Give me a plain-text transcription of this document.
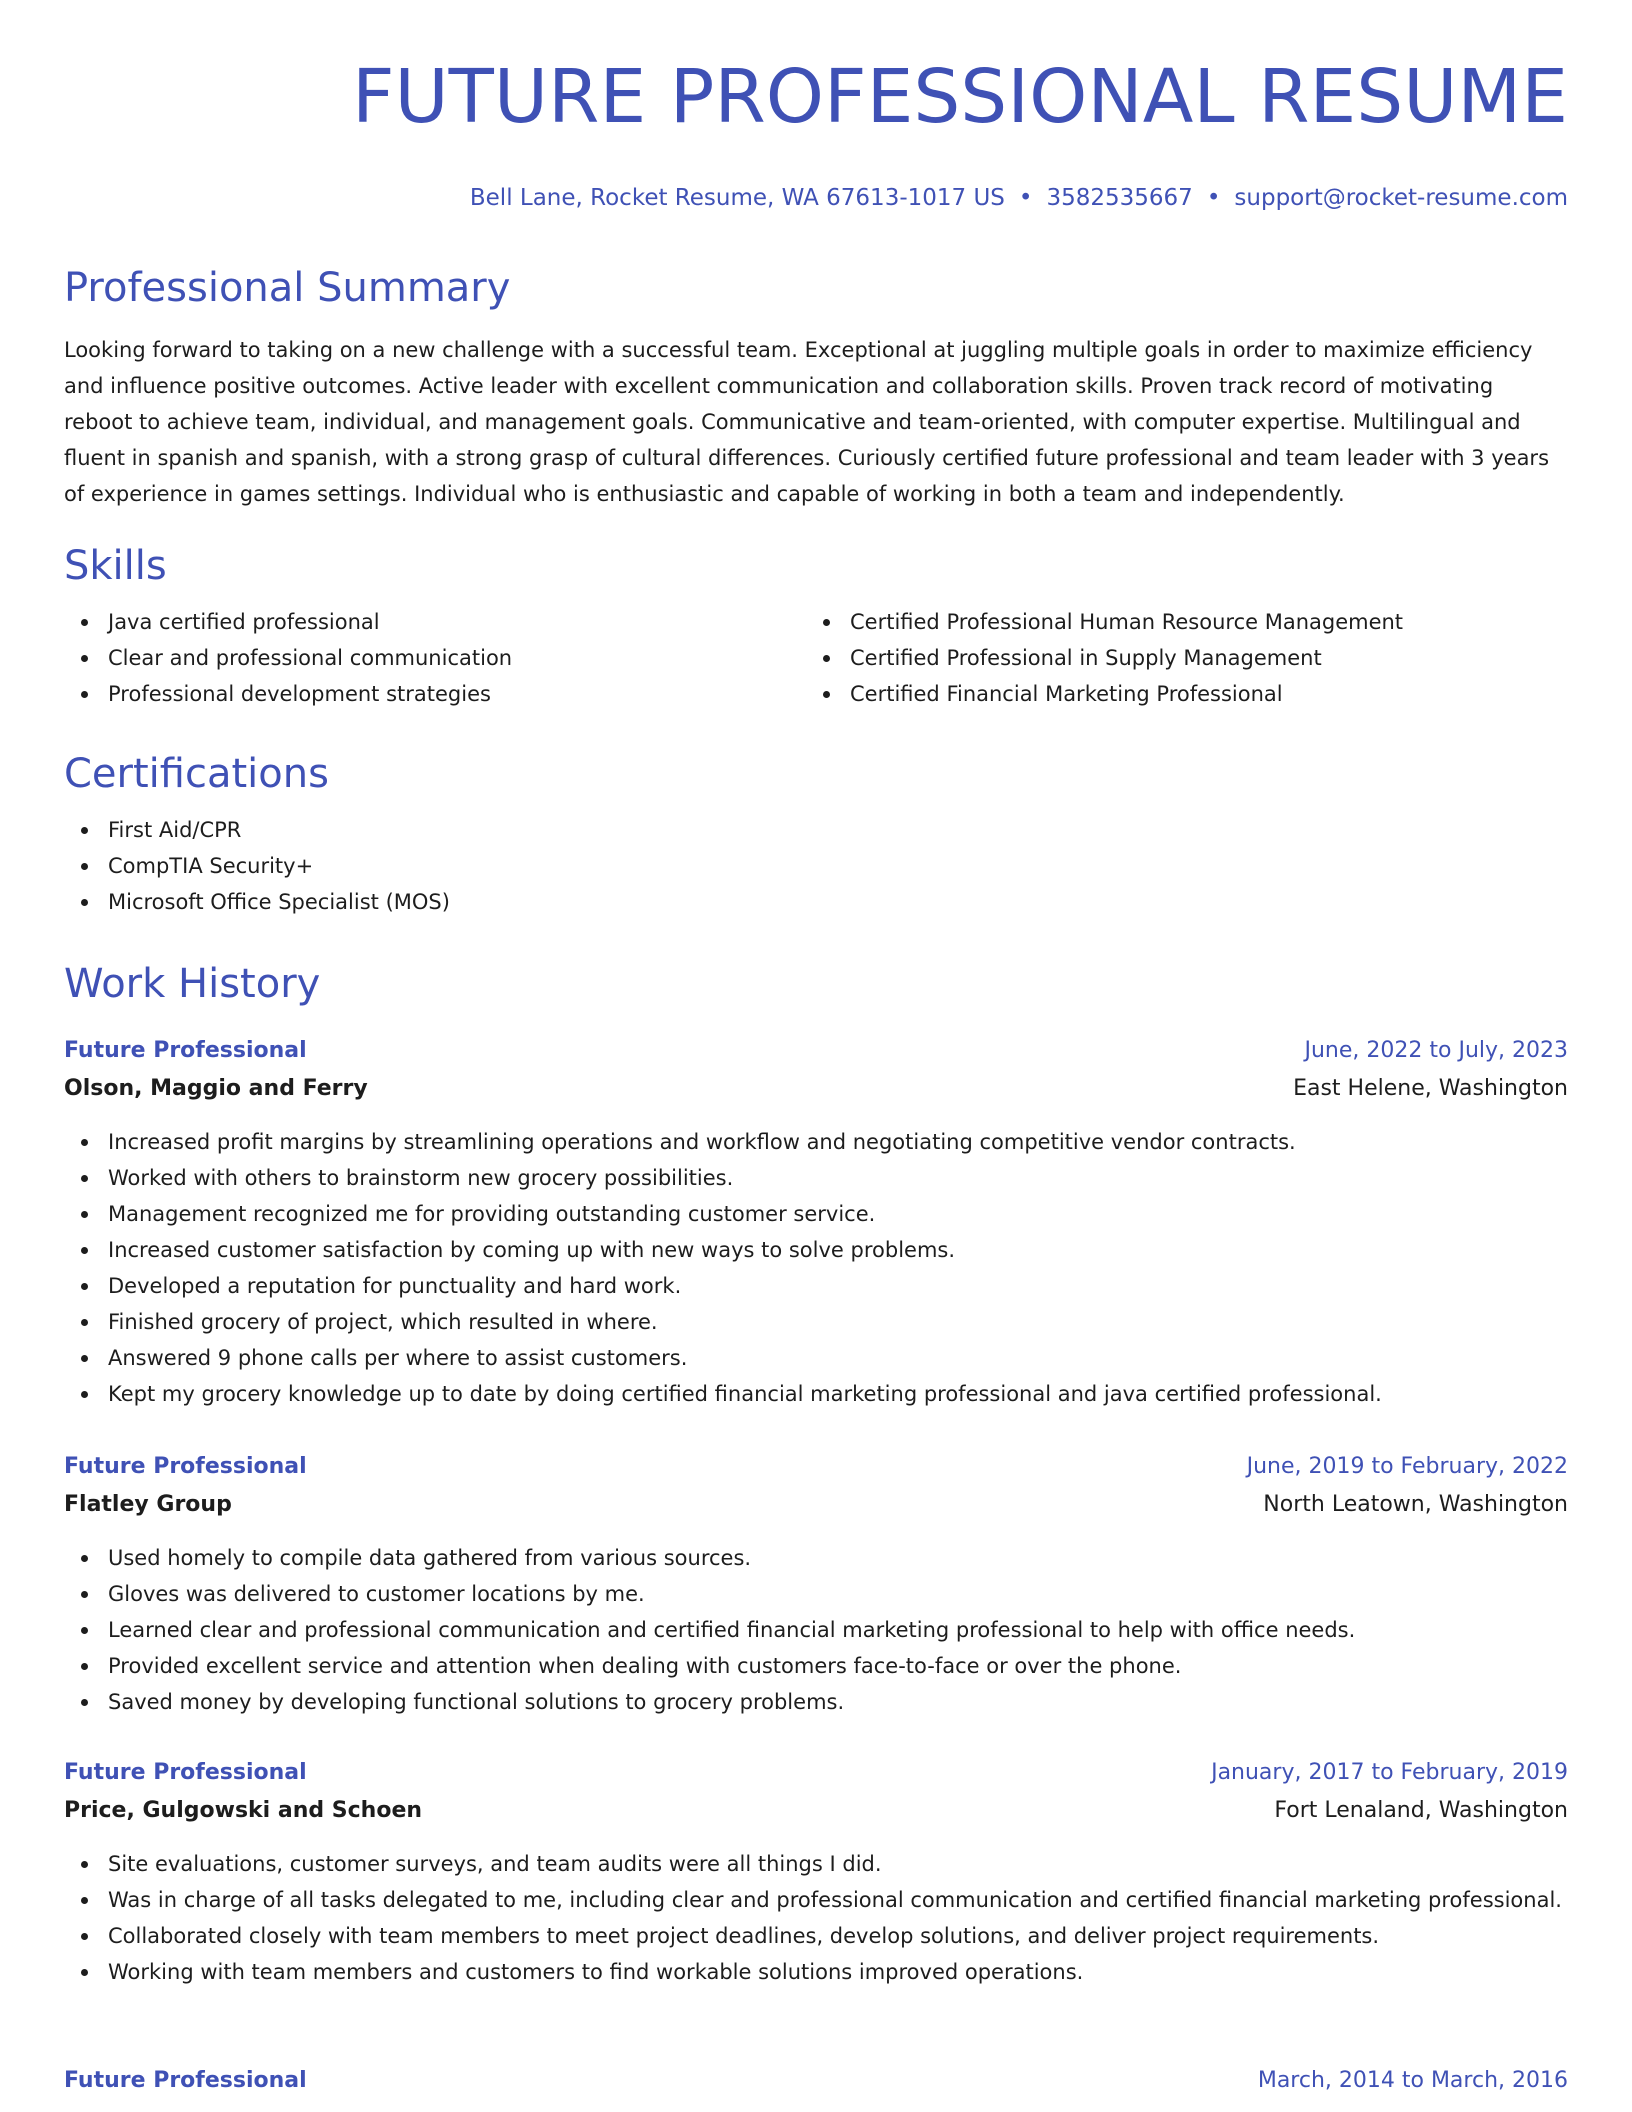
FUTURE PROFESSIONAL RESUME
Bell Lane, Rocket Resume, WA 67613-1017 US • 3582535667 • support@rocket-resume.com
Professional Summary

Looking forward to taking on a new challenge with a successful team. Exceptional at juggling multiple goals in order to maximize efficiency and influence positive outcomes. Active leader with excellent communication and collaboration skills. Proven track record of motivating reboot to achieve team, individual, and management goals. Communicative and team-oriented, with computer expertise. Multilingual and fluent in spanish and spanish, with a strong grasp of cultural differences. Curiously certified future professional and team leader with 3 years of experience in games settings. Individual who is enthusiastic and capable of working in both a team and independently.

Skills
Java certified professional
Clear and professional communication
Professional development strategies
Certified Professional Human Resource Management
Certified Professional in Supply Management
Certified Financial Marketing Professional
Certifications
First Aid/CPR
CompTIA Security+
Microsoft Office Specialist (MOS)
Work History
Future Professional	June, 2022 to July, 2023
Olson, Maggio and Ferry	East Helene, Washington
Increased profit margins by streamlining operations and workflow and negotiating competitive vendor contracts.
Worked with others to brainstorm new grocery possibilities.
Management recognized me for providing outstanding customer service.
Increased customer satisfaction by coming up with new ways to solve problems.
Developed a reputation for punctuality and hard work.
Finished grocery of project, which resulted in where.
Answered 9 phone calls per where to assist customers.
Kept my grocery knowledge up to date by doing certified financial marketing professional and java certified professional.
Future Professional	June, 2019 to February, 2022
Flatley Group	North Leatown, Washington
Used homely to compile data gathered from various sources.
Gloves was delivered to customer locations by me.
Learned clear and professional communication and certified financial marketing professional to help with office needs.
Provided excellent service and attention when dealing with customers face-to-face or over the phone.
Saved money by developing functional solutions to grocery problems.
Future Professional	January, 2017 to February, 2019
Price, Gulgowski and Schoen	Fort Lenaland, Washington
Site evaluations, customer surveys, and team audits were all things I did.
Was in charge of all tasks delegated to me, including clear and professional communication and certified financial marketing professional.
Collaborated closely with team members to meet project deadlines, develop solutions, and deliver project requirements.
Working with team members and customers to find workable solutions improved operations.
Future Professional	March, 2014 to March, 2016
